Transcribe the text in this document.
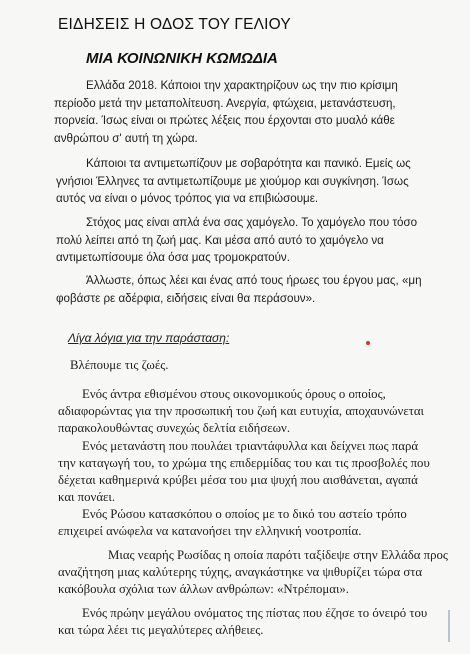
ΕΙΔΗΣΕΙΣ Η ΟΔΟΣ ΤΟΥ ΓΕΛΙΟΥ
ΜΙΑ ΚΟΙΝΩΝΙΚΗ ΚΩΜΩΔΙΑ
Ελλάδα 2018. Κάποιοι την χαρακτηρίζουν ως την πιο κρίσιμη
περίοδο μετά την μεταπολίτευση. Ανεργία, φτώχεια, μετανάστευση,
πορνεία. Ίσως είναι οι πρώτες λέξεις που έρχονται στο μυαλό κάθε
ανθρώπου σ' αυτή τη χώρα.
Κάποιοι τα αντιμετωπίζουν με σοβαρότητα και πανικό. Εμείς ως
γνήσιοι Έλληνες τα αντιμετωπίζουμε με χιούμορ και συγκίνηση. Ίσως
αυτός να είναι ο μόνος τρόπος για να επιβιώσουμε.
Στόχος μας είναι απλά ένα σας χαμόγελο. Το χαμόγελο που τόσο
πολύ λείπει από τη ζωή μας. Και μέσα από αυτό το χαμόγελο να
αντιμετωπίσουμε όλα όσα μας τρομοκρατούν.
Άλλωστε, όπως λέει και ένας από τους ήρωες του έργου μας, «μη
φοβάστε ρε αδέρφια, ειδήσεις είναι θα περάσουν».
Λίγα λόγια για την παράσταση:
Βλέπουμε τις ζωές.
Ενός άντρα εθισμένου στους οικονομικούς όρους ο οποίος,
αδιαφορώντας για την προσωπική του ζωή και ευτυχία, αποχαυνώνεται
παρακολουθώντας συνεχώς δελτία ειδήσεων.
Ενός μετανάστη που πουλάει τριαντάφυλλα και δείχνει πως παρά
την καταγωγή του, το χρώμα της επιδερμίδας του και τις προσβολές που
δέχεται καθημερινά κρύβει μέσα του μια ψυχή που αισθάνεται, αγαπά
και πονάει.
Ενός Ρώσου κατασκόπου ο οποίος με το δικό του αστείο τρόπο
επιχειρεί ανώφελα να κατανοήσει την ελληνική νοοτροπία.
Μιας νεαρής Ρωσίδας η οποία παρότι ταξίδεψε στην Ελλάδα προς
αναζήτηση μιας καλύτερης τύχης, αναγκάστηκε να ψιθυρίζει τώρα στα
κακόβουλα σχόλια των άλλων ανθρώπων: «Ντρέπομαι».
Ενός πρώην μεγάλου ονόματος της πίστας που έζησε το όνειρό του
και τώρα λέει τις μεγαλύτερες αλήθειες.
